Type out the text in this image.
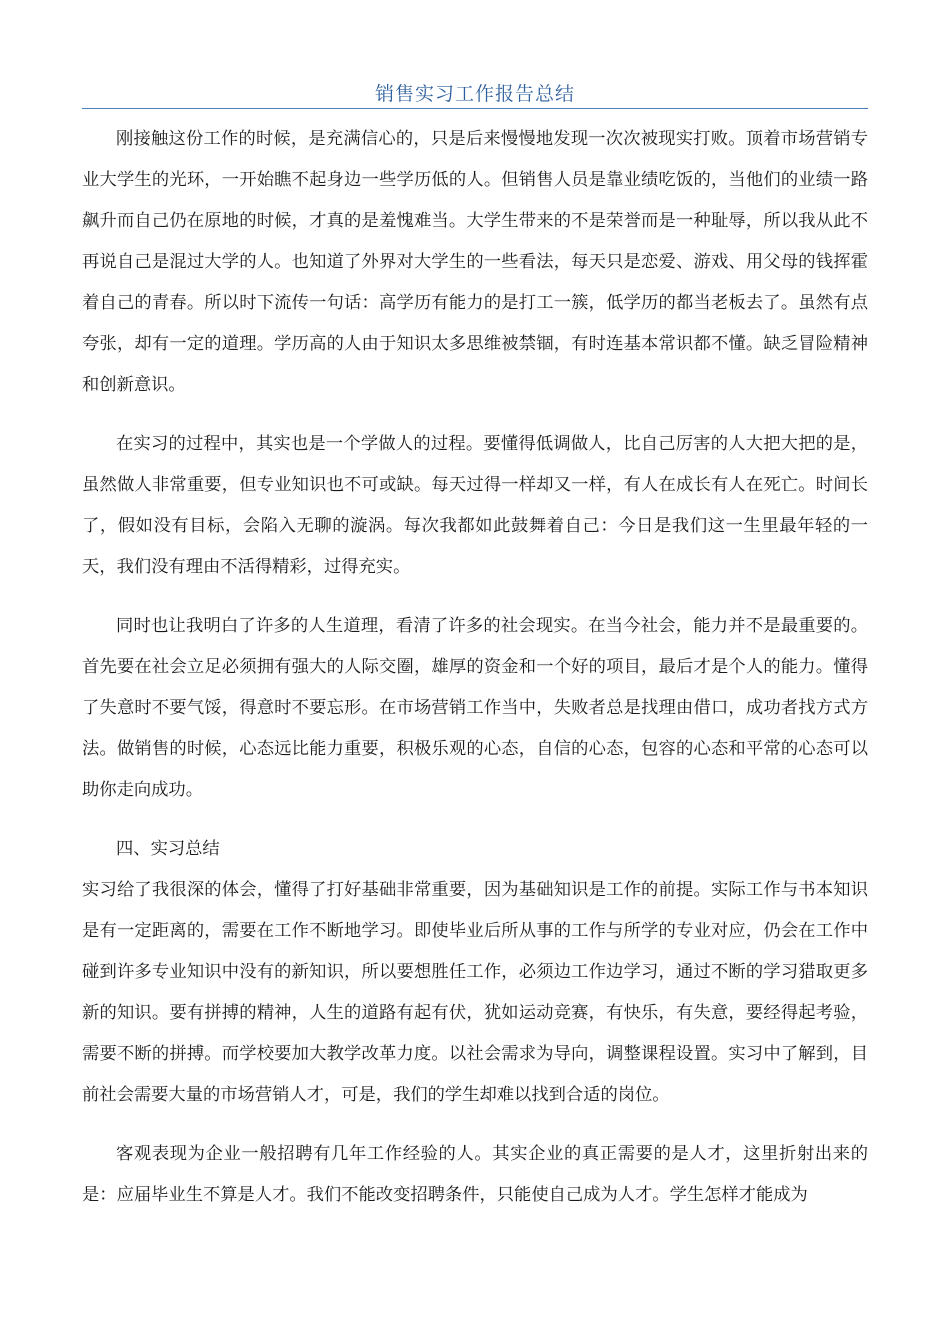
销售实习工作报告总结

刚接触这份工作的时候，是充满信心的，只是后来慢慢地发现一次次被现实打败。顶着市场营销专业大学生的光环，一开始瞧不起身边一些学历低的人。但销售人员是靠业绩吃饭的，当他们的业绩一路飙升而自己仍在原地的时候，才真的是羞愧难当。大学生带来的不是荣誉而是一种耻辱，所以我从此不再说自己是混过大学的人。也知道了外界对大学生的一些看法，每天只是恋爱、游戏、用父母的钱挥霍着自己的青春。所以时下流传一句话：高学历有能力的是打工一簇，低学历的都当老板去了。虽然有点夸张，却有一定的道理。学历高的人由于知识太多思维被禁锢，有时连基本常识都不懂。缺乏冒险精神和创新意识。

在实习的过程中，其实也是一个学做人的过程。要懂得低调做人，比自己厉害的人大把大把的是，虽然做人非常重要，但专业知识也不可或缺。每天过得一样却又一样，有人在成长有人在死亡。时间长了，假如没有目标，会陷入无聊的漩涡。每次我都如此鼓舞着自己：今日是我们这一生里最年轻的一天，我们没有理由不活得精彩，过得充实。

同时也让我明白了许多的人生道理，看清了许多的社会现实。在当今社会，能力并不是最重要的。首先要在社会立足必须拥有强大的人际交圈，雄厚的资金和一个好的项目，最后才是个人的能力。懂得了失意时不要气馁，得意时不要忘形。在市场营销工作当中，失败者总是找理由借口，成功者找方式方法。做销售的时候，心态远比能力重要，积极乐观的心态，自信的心态，包容的心态和平常的心态可以助你走向成功。

四、实习总结

实习给了我很深的体会，懂得了打好基础非常重要，因为基础知识是工作的前提。实际工作与书本知识是有一定距离的，需要在工作不断地学习。即使毕业后所从事的工作与所学的专业对应，仍会在工作中碰到许多专业知识中没有的新知识，所以要想胜任工作，必须边工作边学习，通过不断的学习猎取更多新的知识。要有拼搏的精神，人生的道路有起有伏，犹如运动竞赛，有快乐，有失意，要经得起考验，需要不断的拼搏。而学校要加大教学改革力度。以社会需求为导向，调整课程设置。实习中了解到，目前社会需要大量的市场营销人才，可是，我们的学生却难以找到合适的岗位。

客观表现为企业一般招聘有几年工作经验的人。其实企业的真正需要的是人才，这里折射出来的是：应届毕业生不算是人才。我们不能改变招聘条件，只能使自己成为人才。学生怎样才能成为
